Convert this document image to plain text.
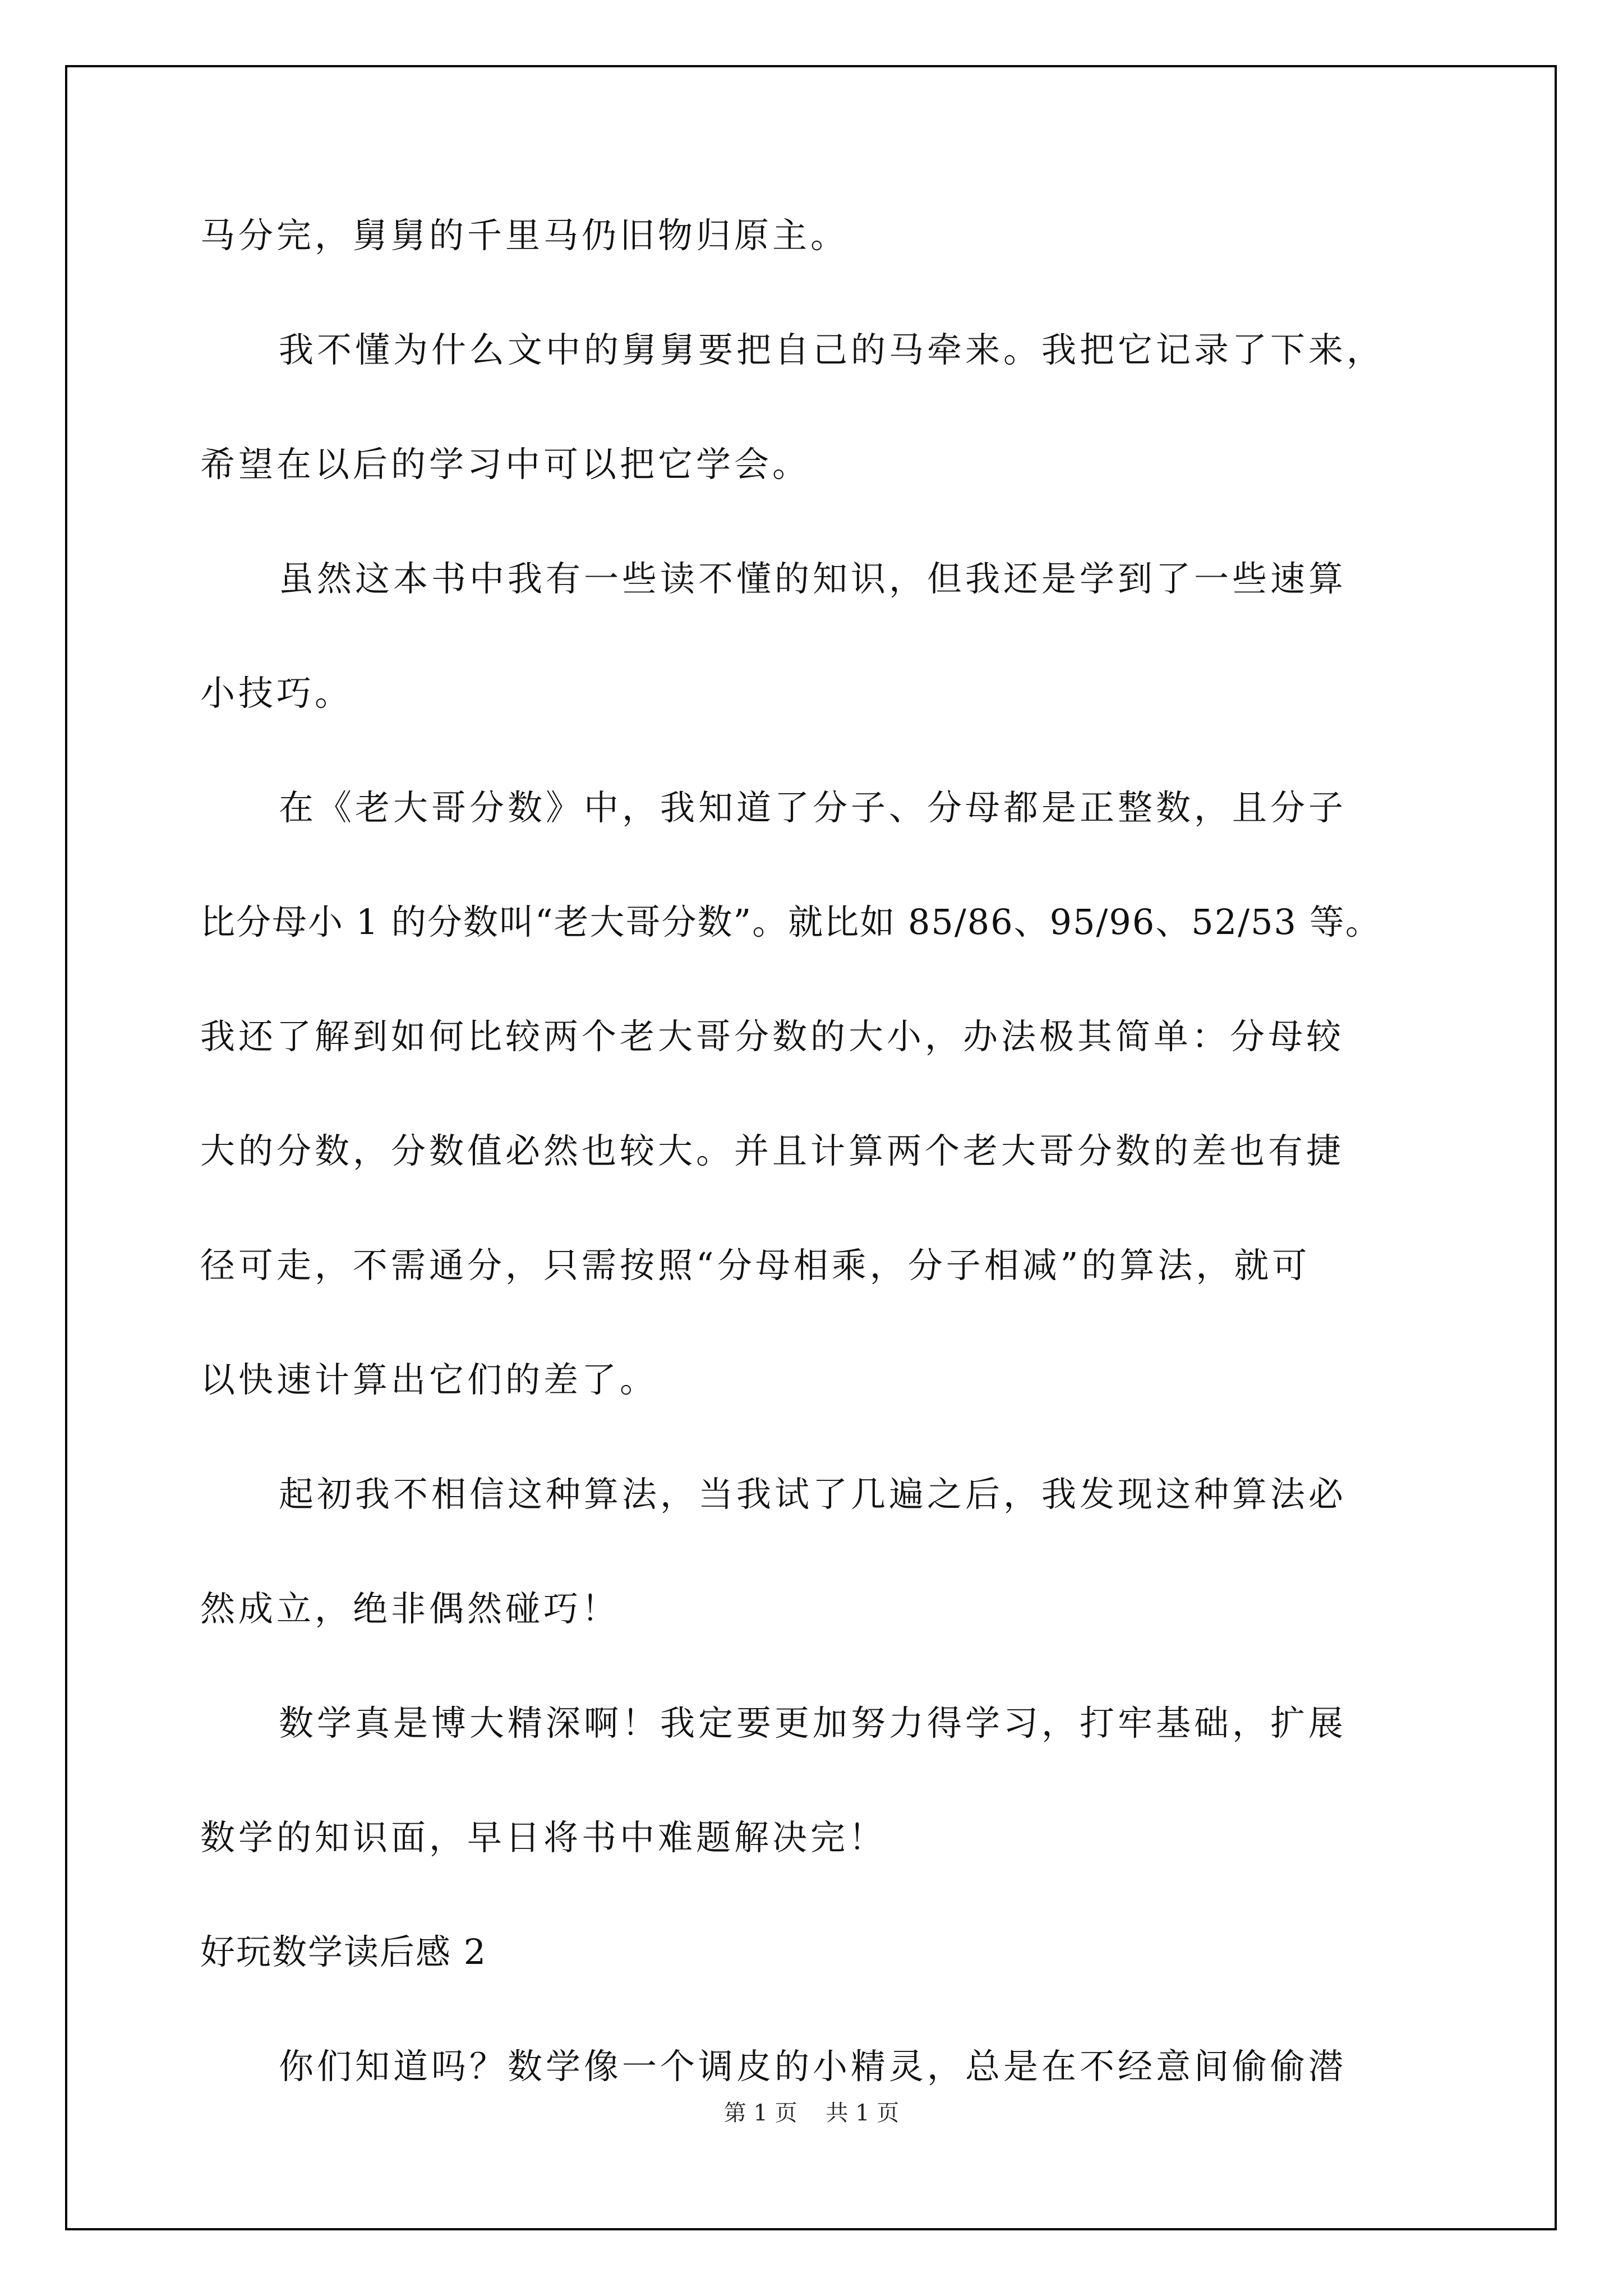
马分完，舅舅的千里马仍旧物归原主。
我不懂为什么文中的舅舅要把自己的马牵来。我把它记录了下来，
希望在以后的学习中可以把它学会。
虽然这本书中我有一些读不懂的知识，但我还是学到了一些速算
小技巧。
在《老大哥分数》中，我知道了分子、分母都是正整数，且分子
比分母小 1 的分数叫“老大哥分数”。就比如 85/86、95/96、52/53 等。
我还了解到如何比较两个老大哥分数的大小，办法极其简单：分母较
大的分数，分数值必然也较大。并且计算两个老大哥分数的差也有捷
径可走，不需通分，只需按照“分母相乘，分子相减”的算法，就可
以快速计算出它们的差了。
起初我不相信这种算法，当我试了几遍之后，我发现这种算法必
然成立，绝非偶然碰巧！
数学真是博大精深啊！我定要更加努力得学习，打牢基础，扩展
数学的知识面，早日将书中难题解决完！
好玩数学读后感 2
你们知道吗？数学像一个调皮的小精灵，总是在不经意间偷偷潜
第 1 页    共 1 页
